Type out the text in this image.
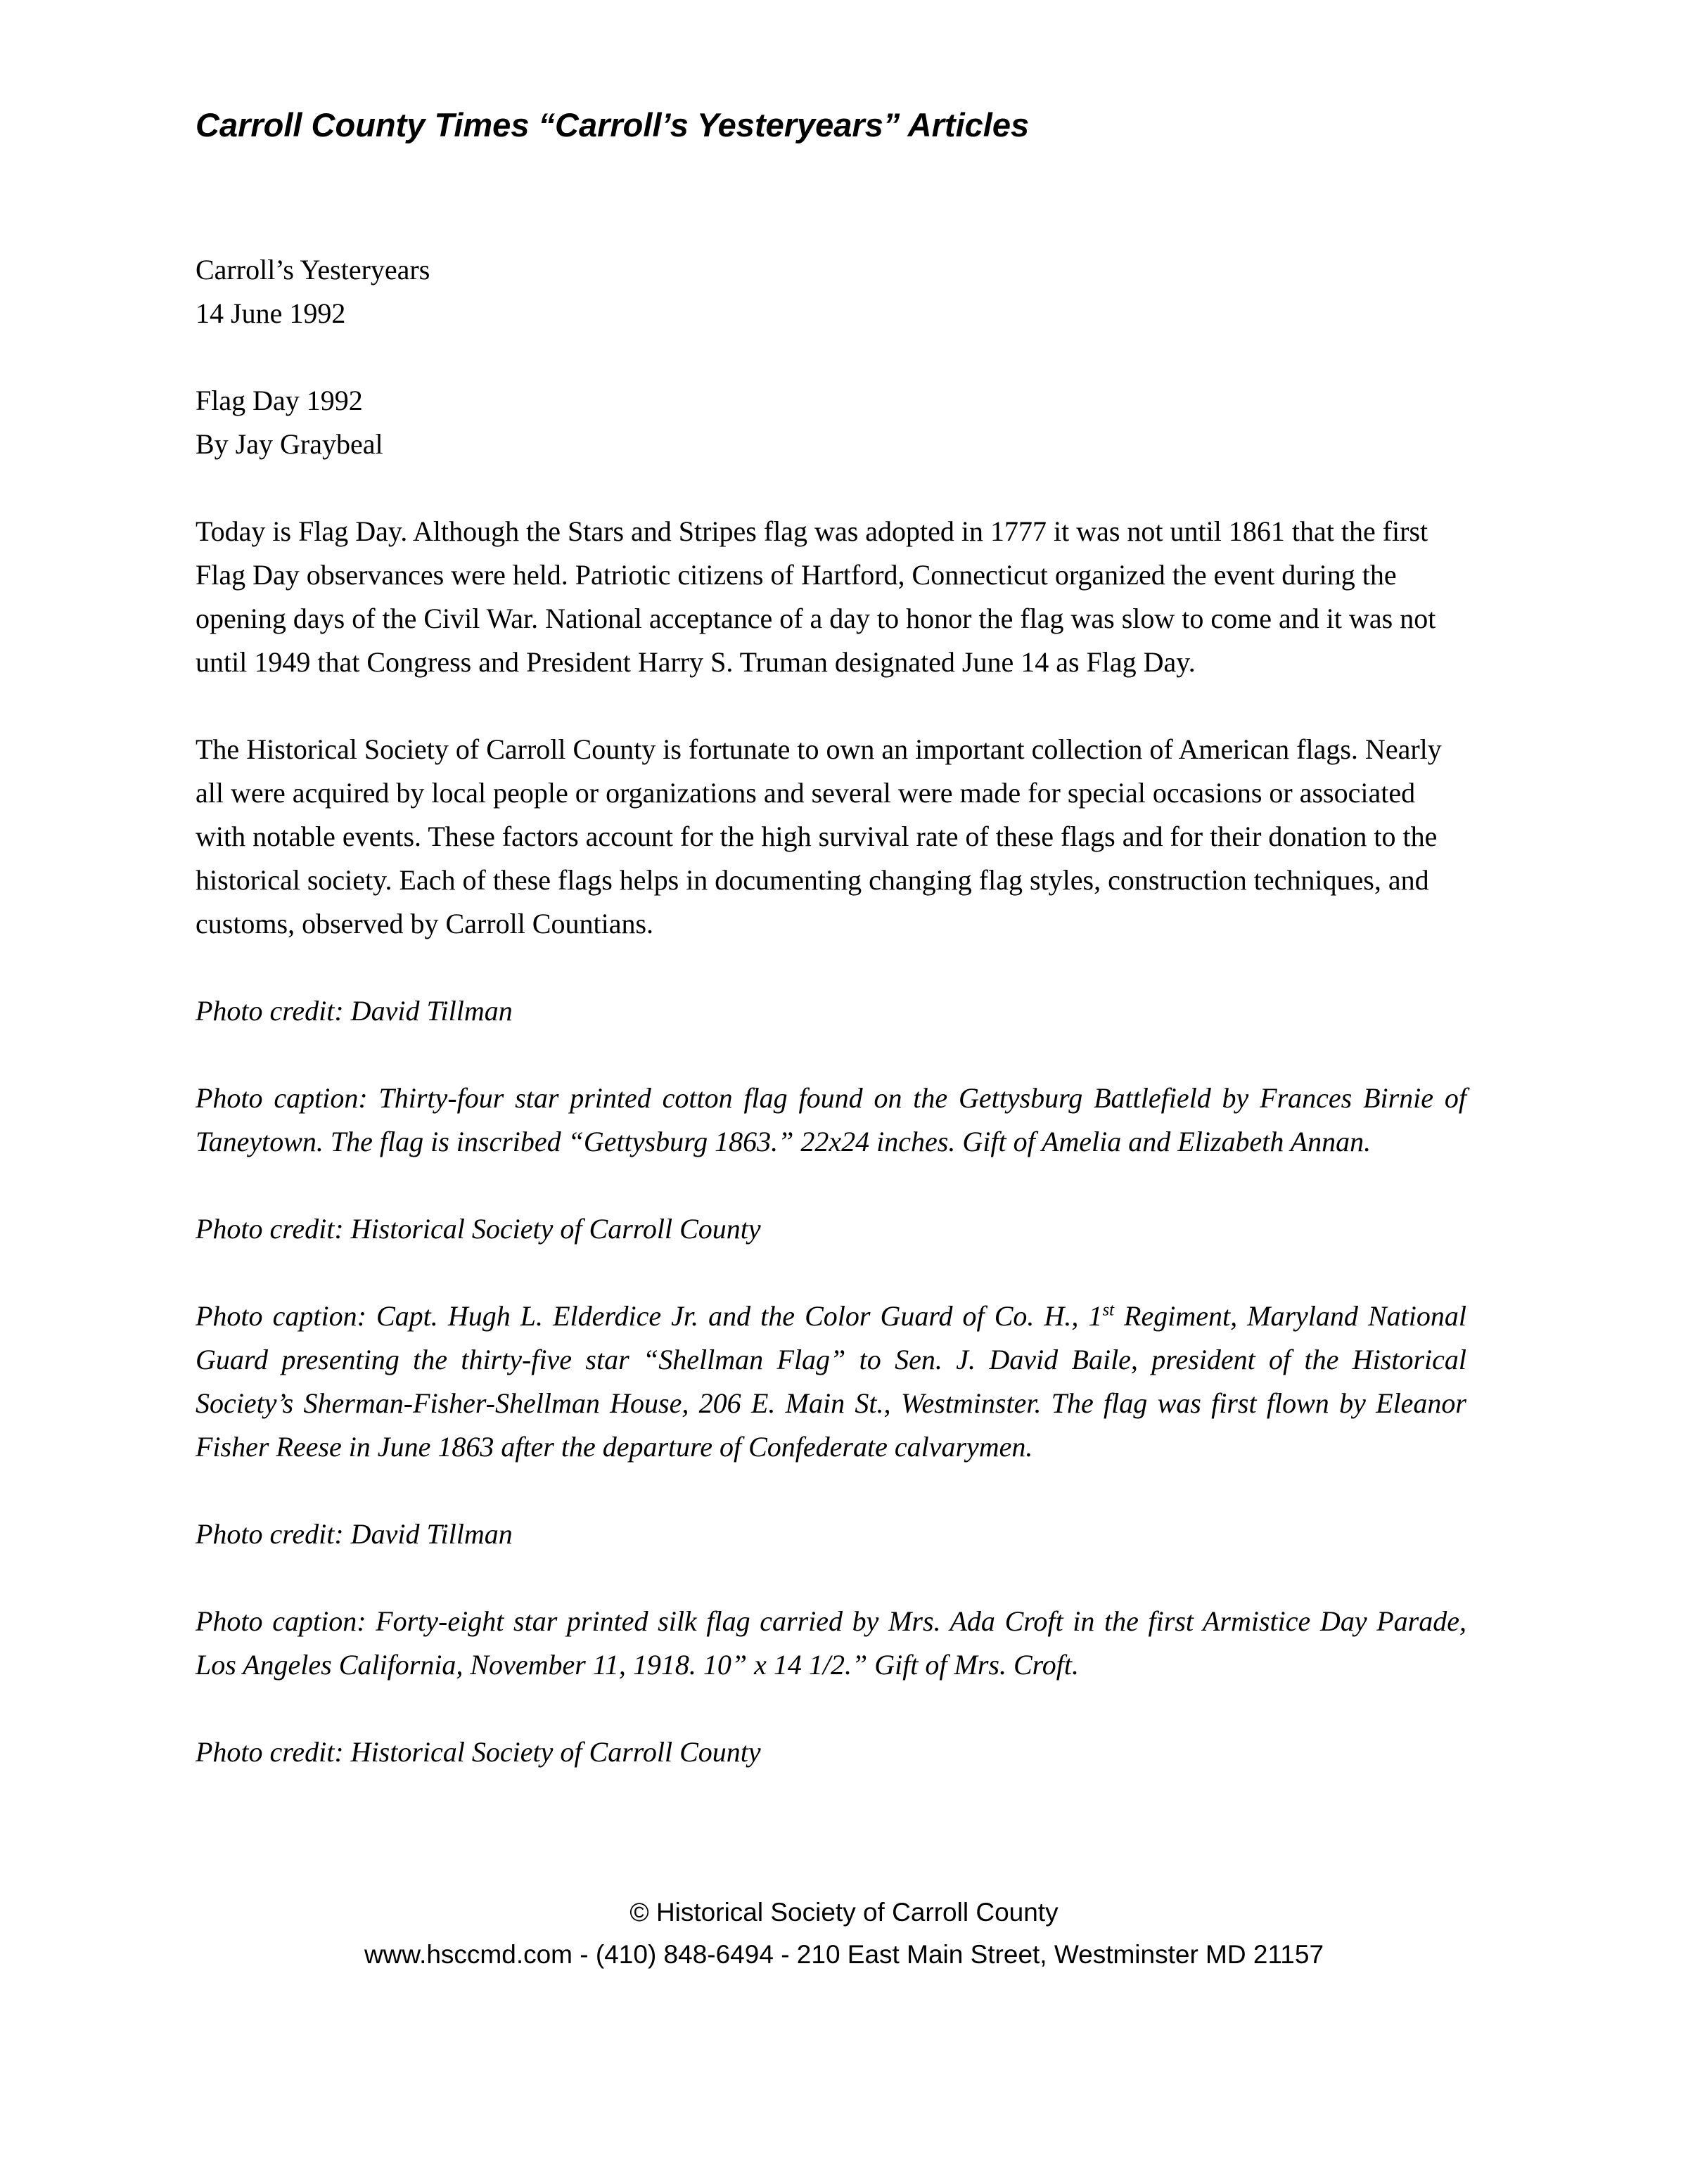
Carroll County Times “Carroll’s Yesteryears” Articles

Carroll’s Yesteryears

14 June 1992

Flag Day 1992

By Jay Graybeal

Today is Flag Day. Although the Stars and Stripes flag was adopted in 1777 it was not until 1861 that the first Flag Day observances were held. Patriotic citizens of Hartford, Connecticut organized the event during the opening days of the Civil War. National acceptance of a day to honor the flag was slow to come and it was not until 1949 that Congress and President Harry S. Truman designated June 14 as Flag Day.

The Historical Society of Carroll County is fortunate to own an important collection of American flags. Nearly all were acquired by local people or organizations and several were made for special occasions or associated with notable events. These factors account for the high survival rate of these flags and for their donation to the historical society. Each of these flags helps in documenting changing flag styles, construction techniques, and customs, observed by Carroll Countians.

Photo credit: David Tillman

Photo caption: Thirty-four star printed cotton flag found on the Gettysburg Battlefield by Frances Birnie of Taneytown. The flag is inscribed “Gettysburg 1863.” 22x24 inches. Gift of Amelia and Elizabeth Annan.

Photo credit: Historical Society of Carroll County

Photo caption: Capt. Hugh L. Elderdice Jr. and the Color Guard of Co. H., 1st Regiment, Maryland National Guard presenting the thirty-five star “Shellman Flag” to Sen. J. David Baile, president of the Historical Society’s Sherman-Fisher-Shellman House, 206 E. Main St., Westminster. The flag was first flown by Eleanor Fisher Reese in June 1863 after the departure of Confederate calvarymen.

Photo credit: David Tillman

Photo caption: Forty-eight star printed silk flag carried by Mrs. Ada Croft in the first Armistice Day Parade, Los Angeles California, November 11, 1918. 10” x 14 1/2.” Gift of Mrs. Croft.

Photo credit: Historical Society of Carroll County

© Historical Society of Carroll County

www.hsccmd.com - (410) 848-6494 - 210 East Main Street, Westminster MD 21157
